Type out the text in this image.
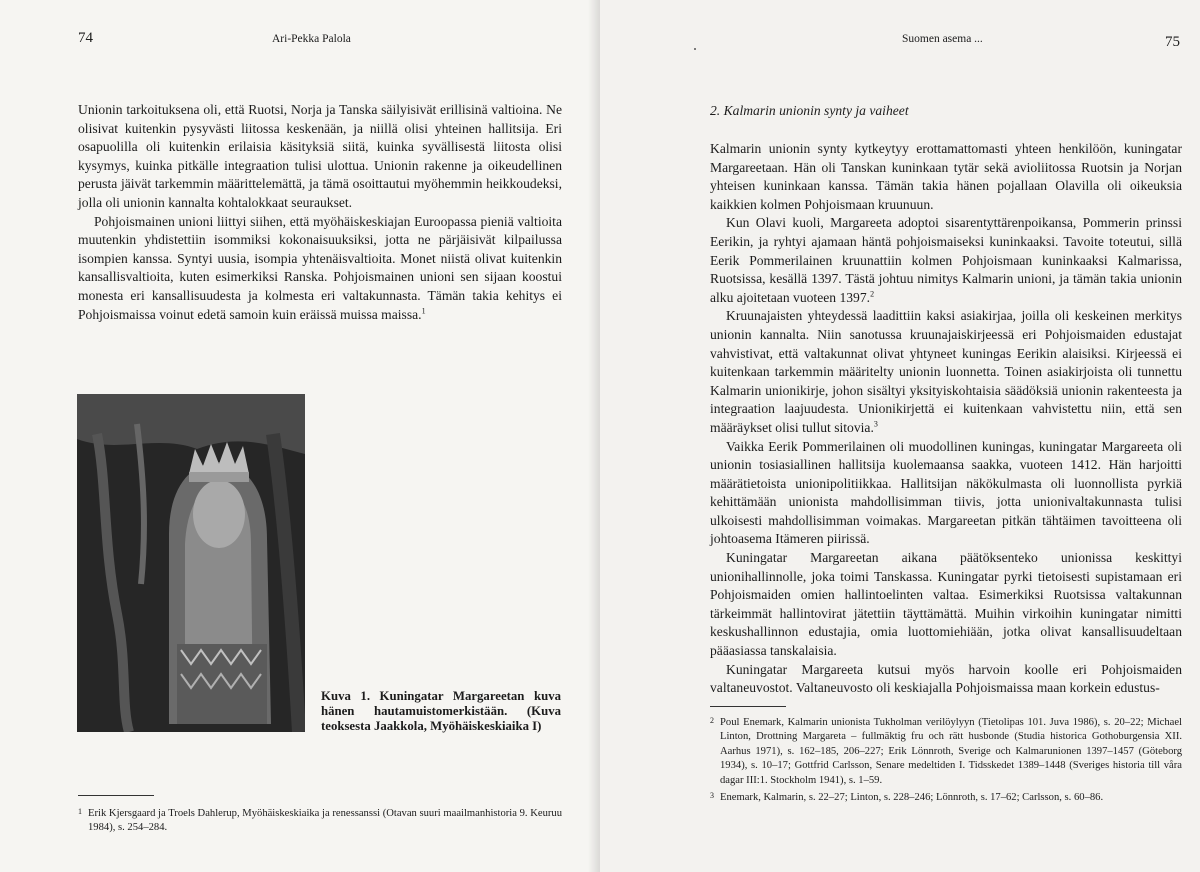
74	Ari-Pekka Palola

Unionin tarkoituksena oli, että Ruotsi, Norja ja Tanska säilyisivät erillisinä valtioina. Ne olisivat kuitenkin pysyvästi liitossa keskenään, ja niillä olisi yhteinen hallitsija. Eri osapuolilla oli kuitenkin erilaisia käsityksiä siitä, kuinka syvällisestä liitosta olisi kysymys, kuinka pitkälle integraation tulisi ulottua. Unionin rakenne ja oikeudellinen perusta jäivät tarkemmin määrittelemättä, ja tämä osoittautui myöhemmin heikkoudeksi, jolla oli unionin kannalta kohtalokkaat seuraukset.

Pohjoismainen unioni liittyi siihen, että myöhäiskeskiajan Euroopassa pieniä valtioita muutenkin yhdistettiin isommiksi kokonaisuuksiksi, jotta ne pärjäisivät kilpailussa isompien kanssa. Syntyi uusia, isompia yhtenäisvaltioita. Monet niistä olivat kuitenkin kansallisvaltioita, kuten esimerkiksi Ranska. Pohjoismainen unioni sen sijaan koostui monesta eri kansallisuudesta ja kolmesta eri valtakunnasta. Tämän takia kehitys ei Pohjoismaissa voinut edetä samoin kuin eräissä muissa maissa.$^1$

Kuva 1. Kuningatar Margareetan kuva hänen hautamuistomerkistään. (Kuva teoksesta Jaakkola, Myöhäiskeskiaika I)

1 Erik Kjersgaard ja Troels Dahlerup, Myöhäiskeskiaika ja renessanssi (Otavan suuri maailmanhistoria 9. Keuruu 1984), s. 254–284.

Suomen asema ...	75
2. Kalmarin unionin synty ja vaiheet

Kalmarin unionin synty kytkeytyy erottamattomasti yhteen henkilöön, kuningatar Margareetaan. Hän oli Tanskan kuninkaan tytär sekä avioliitossa Ruotsin ja Norjan yhteisen kuninkaan kanssa. Tämän takia hänen pojallaan Olavilla oli oikeuksia kaikkien kolmen Pohjoismaan kruunuun.

Kun Olavi kuoli, Margareeta adoptoi sisarentyttärenpoikansa, Pommerin prinssi Eerikin, ja ryhtyi ajamaan häntä pohjoismaiseksi kuninkaaksi. Tavoite toteutui, sillä Eerik Pommerilainen kruunattiin kolmen Pohjoismaan kuninkaaksi Kalmarissa, Ruotsissa, kesällä 1397. Tästä johtuu nimitys Kalmarin unioni, ja tämän takia unionin alku ajoitetaan vuoteen 1397.$^2$

Kruunajaisten yhteydessä laadittiin kaksi asiakirjaa, joilla oli keskeinen merkitys unionin kannalta. Niin sanotussa kruunajaiskirjeessä eri Pohjoismaiden edustajat vahvistivat, että valtakunnat olivat yhtyneet kuningas Eerikin alaisiksi. Kirjeessä ei kuitenkaan tarkemmin määritelty unionin luonnetta. Toinen asiakirjoista oli tunnettu Kalmarin unionikirje, johon sisältyi yksityiskohtaisia säädöksiä unionin rakenteesta ja integraation laajuudesta. Unionikirjettä ei kuitenkaan vahvistettu niin, että sen määräykset olisi tullut sitovia.$^3$

Vaikka Eerik Pommerilainen oli muodollinen kuningas, kuningatar Margareeta oli unionin tosiasiallinen hallitsija kuolemaansa saakka, vuoteen 1412. Hän harjoitti määrätietoista unionipolitiikkaa. Hallitsijan näkökulmasta oli luonnollista pyrkiä kehittämään unionista mahdollisimman tiivis, jotta unionivaltakunnasta tulisi ulkoisesti mahdollisimman voimakas. Margareetan pitkän tähtäimen tavoitteena oli johtoasema Itämeren piirissä.

Kuningatar Margareetan aikana päätöksenteko unionissa keskittyi unionihallinnolle, joka toimi Tanskassa. Kuningatar pyrki tietoisesti supistamaan eri Pohjoismaiden omien hallintoelinten valtaa. Esimerkiksi Ruotsissa valtakunnan tärkeimmät hallintovirat jätettiin täyttämättä. Muihin virkoihin kuningatar nimitti keskushallinnon edustajia, omia luottomiehiään, jotka olivat kansallisuudeltaan pääasiassa tanskalaisia.

Kuningatar Margareeta kutsui myös harvoin koolle eri Pohjoismaiden valtaneuvostot. Valtaneuvosto oli keskiajalla Pohjoismaissa maan korkein edustus-

2 Poul Enemark, Kalmarin unionista Tukholman verilöylyyn (Tietolipas 101. Juva 1986), s. 20–22; Michael Linton, Drottning Margareta – fullmäktig fru och rätt husbonde (Studia historica Gothoburgensia XII. Aarhus 1971), s. 162–185, 206–227; Erik Lönnroth, Sverige och Kalmarunionen 1397–1457 (Göteborg 1934), s. 10–17; Gottfrid Carlsson, Senare medeltiden I. Tidsskedet 1389–1448 (Sveriges historia till våra dagar III:1. Stockholm 1941), s. 1–59.

3 Enemark, Kalmarin, s. 22–27; Linton, s. 228–246; Lönnroth, s. 17–62; Carlsson, s. 60–86.
